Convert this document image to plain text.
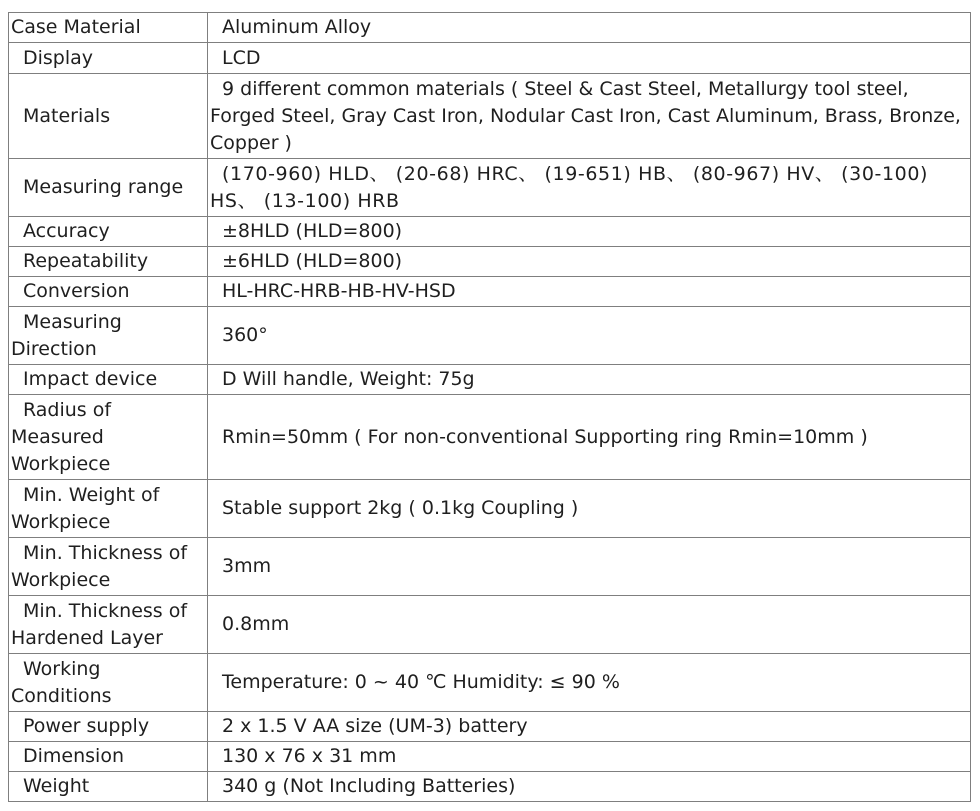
Case Material	Aluminum Alloy
Display	LCD
Materials	9 different common materials ( Steel & Cast Steel, Metallurgy tool steel, Forged Steel, Gray Cast Iron, Nodular Cast Iron, Cast Aluminum, Brass, Bronze, Copper )
Measuring range	(170-960) HLD、 (20-68) HRC、 (19-651) HB、 (80-967) HV、 (30-100) HS、 (13-100) HRB
Accuracy	±8HLD (HLD=800)
Repeatability	±6HLD (HLD=800)
Conversion	HL-HRC-HRB-HB-HV-HSD
Measuring Direction	360°
Impact device	D Will handle, Weight: 75g
Radius of Measured Workpiece	Rmin=50mm ( For non-conventional Supporting ring Rmin=10mm )
Min. Weight of Workpiece	Stable support 2kg ( 0.1kg Coupling )
Min. Thickness of Workpiece	3mm
Min. Thickness of Hardened Layer	0.8mm
Working Conditions	Temperature: 0 ~ 40 ℃ Humidity: ≤ 90 %
Power supply	2 x 1.5 V AA size (UM-3) battery
Dimension	130 x 76 x 31 mm
Weight	340 g (Not Including Batteries)
